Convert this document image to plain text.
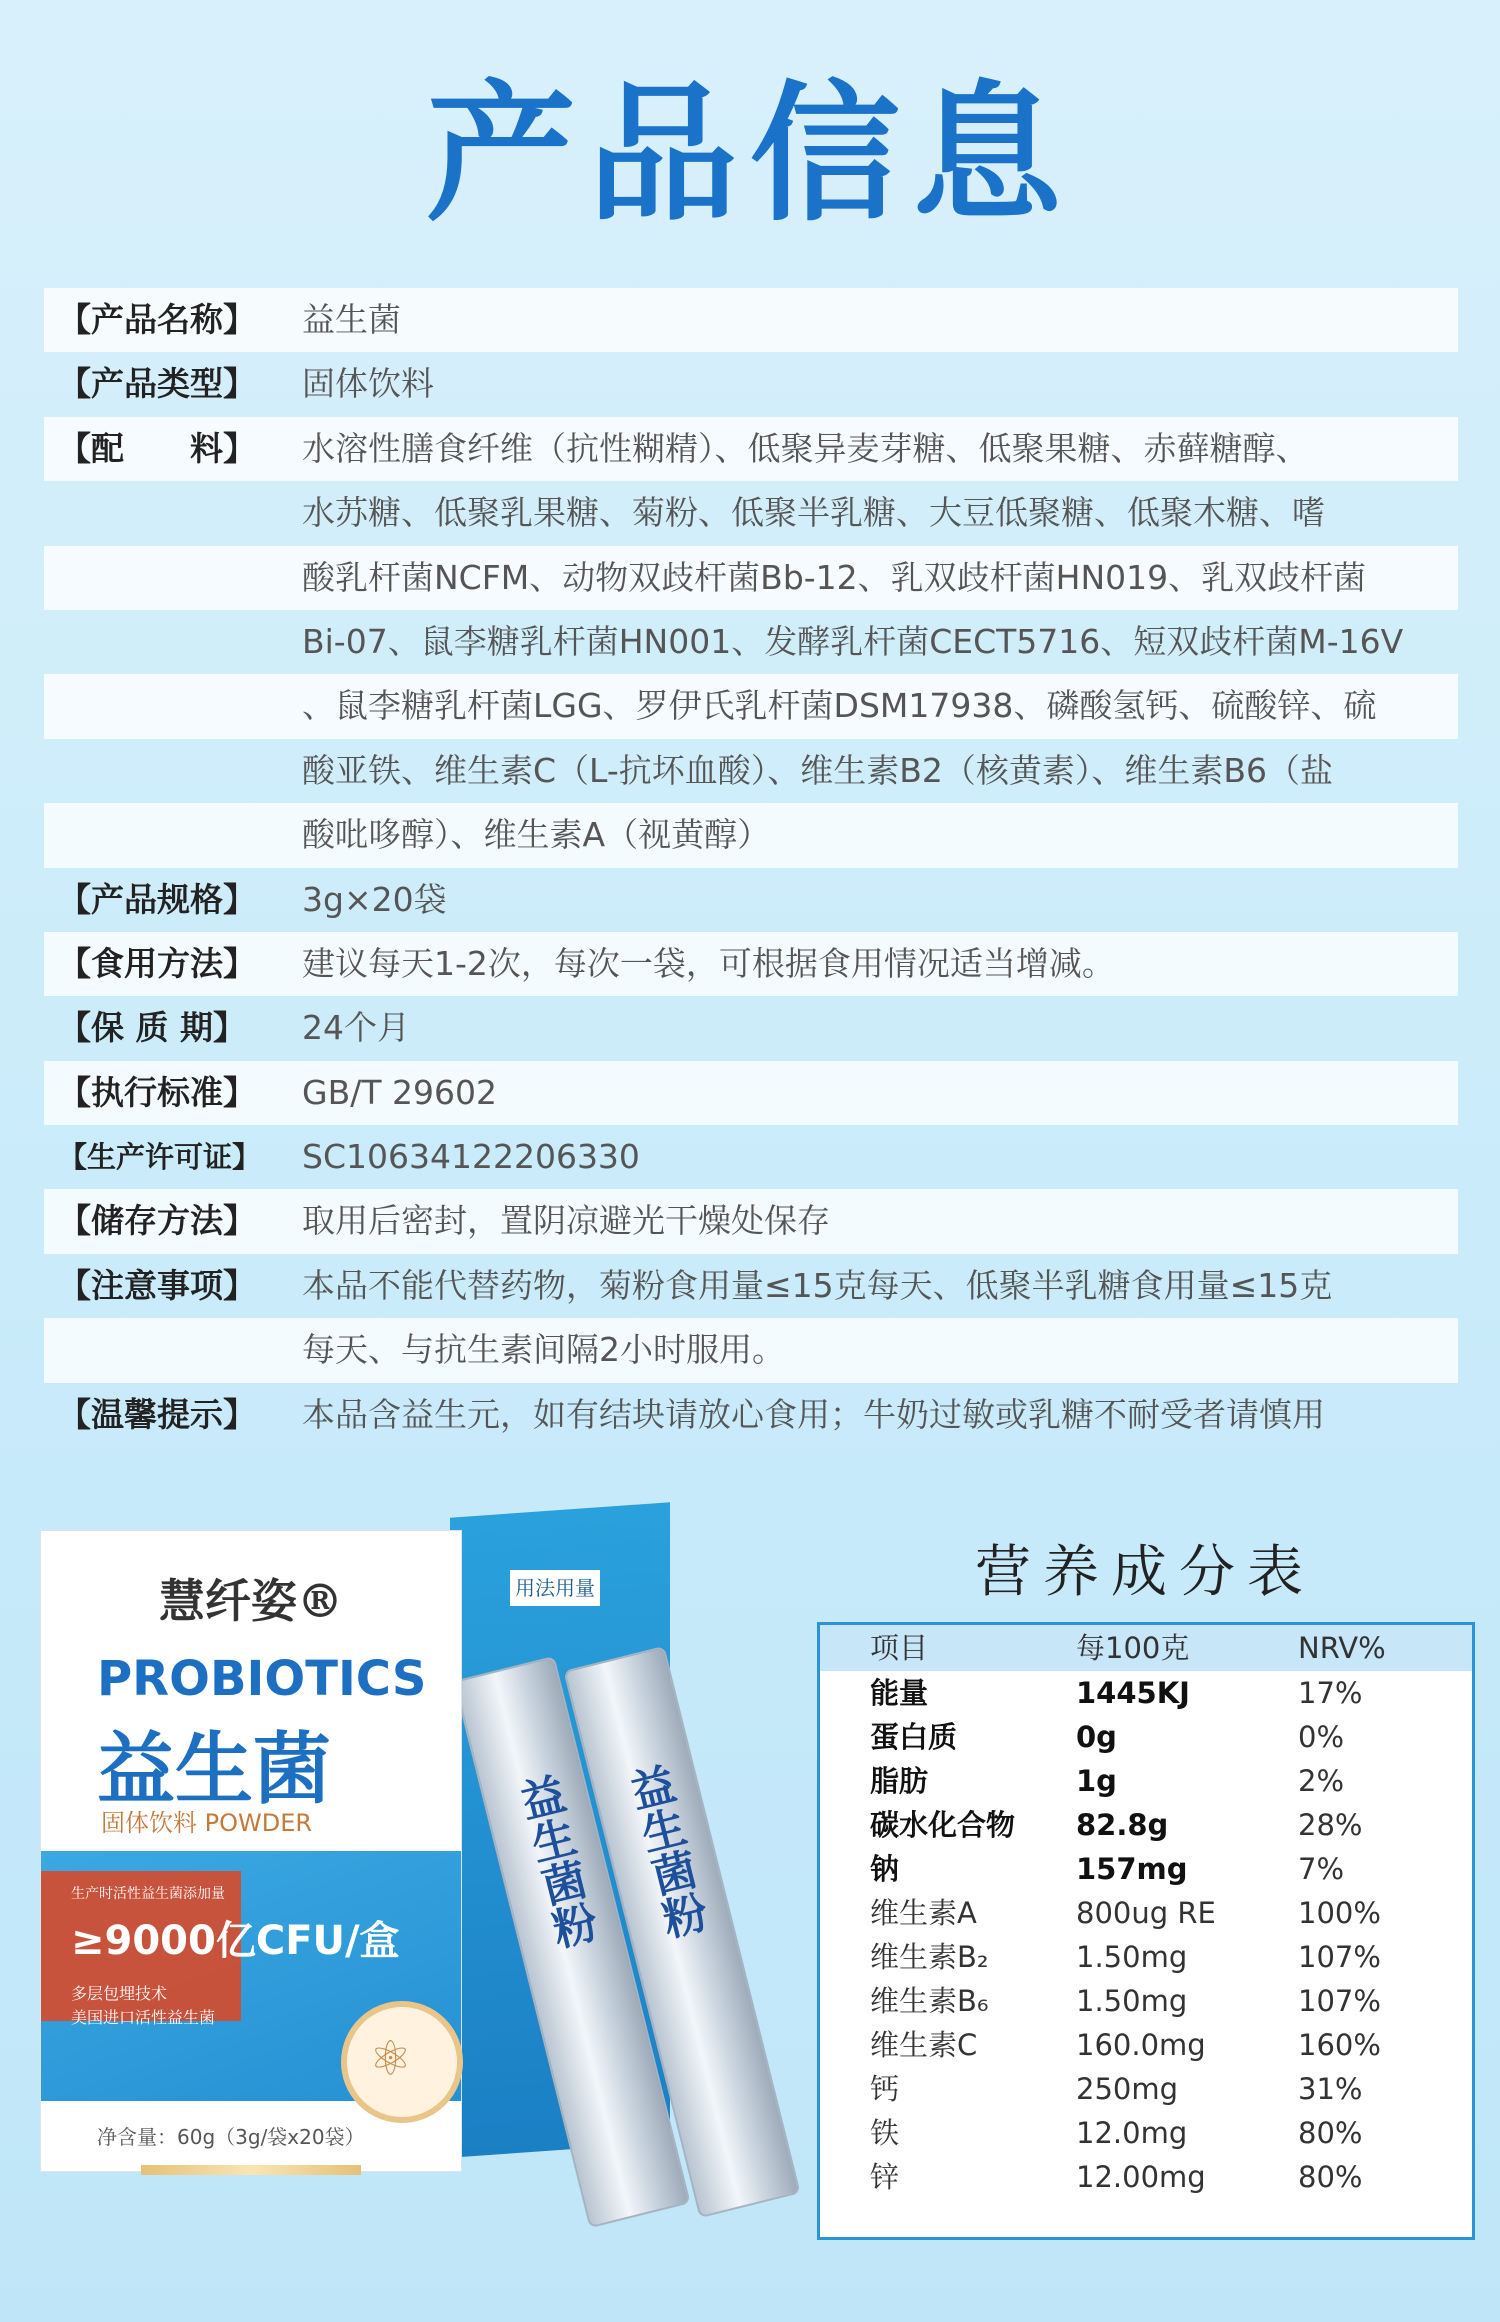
产品信息
【产品名称】	益生菌
【产品类型】	固体饮料
【配　　料】	水溶性膳食纤维（抗性糊精）、低聚异麦芽糖、低聚果糖、赤藓糖醇、
水苏糖、低聚乳果糖、菊粉、低聚半乳糖、大豆低聚糖、低聚木糖、嗜
酸乳杆菌NCFM、动物双歧杆菌Bb-12、乳双歧杆菌HN019、乳双歧杆菌
Bi-07、鼠李糖乳杆菌HN001、发酵乳杆菌CECT5716、短双歧杆菌M-16V
、鼠李糖乳杆菌LGG、罗伊氏乳杆菌DSM17938、磷酸氢钙、硫酸锌、硫
酸亚铁、维生素C（L-抗坏血酸）、维生素B2（核黄素）、维生素B6（盐
酸吡哆醇）、维生素A（视黄醇）
【产品规格】	3g×20袋
【食用方法】	建议每天1-2次，每次一袋，可根据食用情况适当增减。
【保 质 期】	24个月
【执行标准】	GB/T 29602
【生产许可证】	SC10634122206330
【储存方法】	取用后密封，置阴凉避光干燥处保存
【注意事项】	本品不能代替药物，菊粉食用量≤15克每天、低聚半乳糖食用量≤15克
每天、与抗生素间隔2小时服用。
【温馨提示】	本品含益生元，如有结块请放心食用；牛奶过敏或乳糖不耐受者请慎用
用法用量
益生菌粉 益生菌粉
慧纤姿®
PROBIOTICS
益生菌
固体饮料 POWDER
生产时活性益生菌添加量
≥9000亿CFU/盒
多层包埋技术
美国进口活性益生菌
⚛
净含量：60g（3g/袋x20袋）
营养成分表
项目	每100克	NRV%
能量	1445KJ	17%
蛋白质	0g	0%
脂肪	1g	2%
碳水化合物	82.8g	28%
钠	157mg	7%
维生素A	800ug RE	100%
维生素B₂	1.50mg	107%
维生素B₆	1.50mg	107%
维生素C	160.0mg	160%
钙	250mg	31%
铁	12.0mg	80%
锌	12.00mg	80%
